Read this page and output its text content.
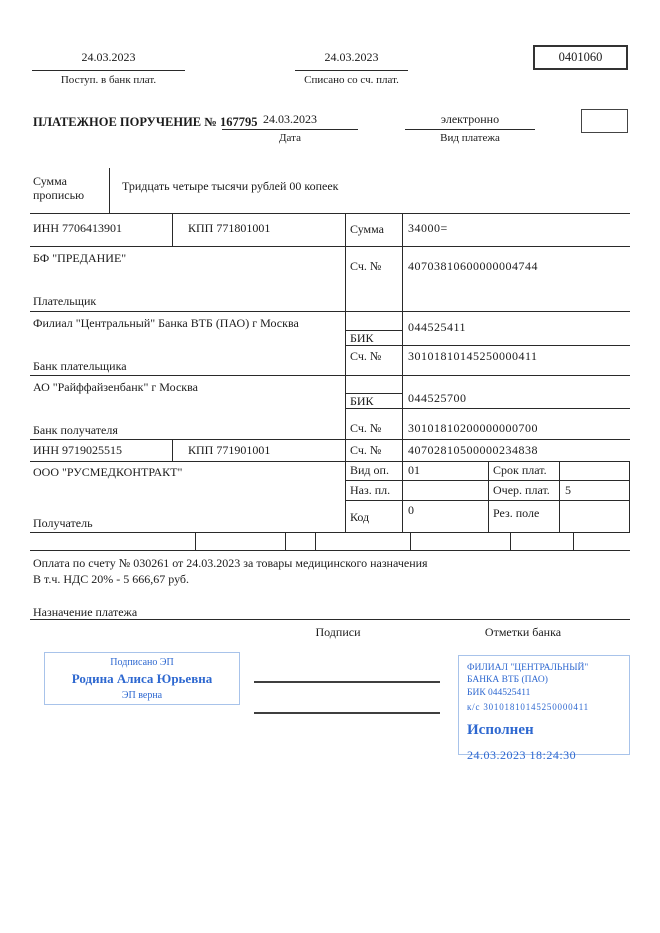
24.03.2023
Поступ. в банк плат.
24.03.2023
Списано со сч. плат.
0401060
ПЛАТЕЖНОЕ ПОРУЧЕНИЕ № 167795 24.03.2023
Дата
электронно
Вид платежа
Сумма прописью
Тридцать четыре тысячи рублей 00 копеек
ИНН 7706413901	КПП 771801001	Сумма 34000=
БФ "ПРЕДАНИЕ"
Сч. № 40703810600000004744
Плательщик
Филиал "Центральный" Банка ВТБ (ПАО) г Москва	044525411
БИК
Сч. № 30101810145250000411
Банк плательщика
АО "Райффайзенбанк" г Москва
044525700
БИК
Сч. № 30101810200000000700
Банк получателя
ИНН 9719025515	КПП 771901001	Сч. № 40702810500000234838
ООО "РУСМЕДКОНТРАКТ"	Вид оп. 01	Срок плат.
Наз. пл.	Очер. плат. 5
Код	0	Рез. поле
Получатель
Оплата по счету № 030261 от 24.03.2023 за товары медицинского назначения
В т.ч. НДС 20% - 5 666,67 руб.
Назначение платежа
Подписи	Отметки банка
Подписано ЭП
Родина Алиса Юрьевна
ЭП верна
ФИЛИАЛ "ЦЕНТРАЛЬНЫЙ" БАНКА ВТБ (ПАО)
БИК 044525411
к/с 30101810145250000411
Исполнен
24.03.2023 18:24:30
